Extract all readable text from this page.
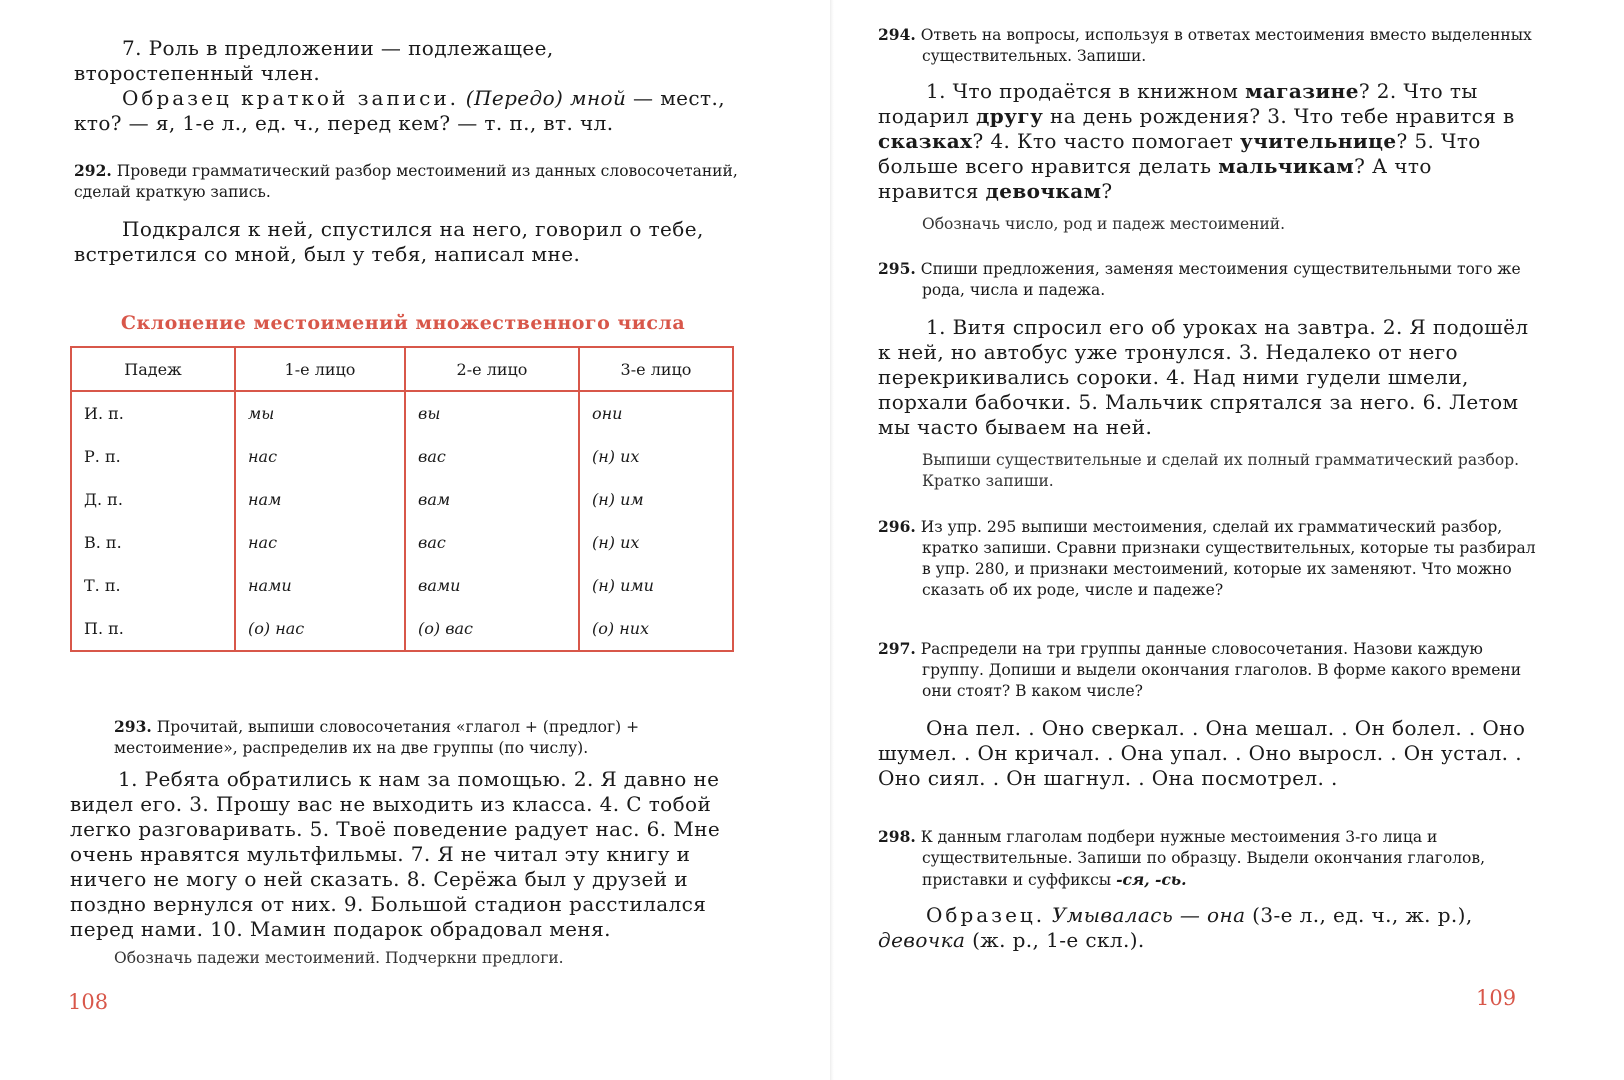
7. Роль в предложении — подлежащее, второстепенный член.
Образец краткой записи. (Передо) мной — мест., кто? — я, 1-е л., ед. ч., перед кем? — т. п., вт. чл.
292. Проведи грамматический разбор местоимений из данных словосочетаний, сделай краткую запись.
Подкрался к ней, спустился на него, говорил о тебе, встретился со мной, был у тебя, написал мне.
Склонение местоимений множественного числа
Падеж	1-е лицо	2-е лицо	3-е лицо
И. п.	мы	вы	они
Р. п.	нас	вас	(н) их
Д. п.	нам	вам	(н) им
В. п.	нас	вас	(н) их
Т. п.	нами	вами	(н) ими
П. п.	(о) нас	(о) вас	(о) них
293. Прочитай, выпиши словосочетания «глагол + (предлог) + местоимение», распределив их на две группы (по числу).
1. Ребята обратились к нам за помощью. 2. Я давно не видел его. 3. Прошу вас не выходить из класса. 4. С тобой легко разговаривать. 5. Твоё поведение радует нас. 6. Мне очень нравятся мультфильмы. 7. Я не читал эту книгу и ничего не могу о ней сказать. 8. Серёжа был у друзей и поздно вернулся от них. 9. Большой стадион расстилался перед нами. 10. Мамин подарок обрадовал меня.
Обозначь падежи местоимений. Подчеркни предлоги.
108
294. Ответь на вопросы, используя в ответах местоимения вместо выделенных существительных. Запиши.
1. Что продаётся в книжном магазине? 2. Что ты подарил другу на день рождения? 3. Что тебе нравится в сказках? 4. Кто часто помогает учительнице? 5. Что больше всего нравится делать мальчикам? А что нравится девочкам?
Обозначь число, род и падеж местоимений.
295. Спиши предложения, заменяя местоимения существительными того же рода, числа и падежа.
1. Витя спросил его об уроках на завтра. 2. Я подошёл к ней, но автобус уже тронулся. 3. Недалеко от него перекрикивались сороки. 4. Над ними гудели шмели, порхали бабочки. 5. Мальчик спрятался за него. 6. Летом мы часто бываем на ней.
Выпиши существительные и сделай их полный грамматический разбор. Кратко запиши.
296. Из упр. 295 выпиши местоимения, сделай их грамматический разбор, кратко запиши. Сравни признаки существительных, которые ты разбирал в упр. 280, и признаки местоимений, которые их заменяют. Что можно сказать об их роде, числе и падеже?
297. Распредели на три группы данные словосочетания. Назови каждую группу. Допиши и выдели окончания глаголов. В форме какого времени они стоят? В каком числе?
Она пел. . Оно сверкал. . Она мешал. . Он болел. . Оно шумел. . Он кричал. . Она упал. . Оно выросл. . Он устал. . Оно сиял. . Он шагнул. . Она посмотрел. .
298. К данным глаголам подбери нужные местоимения 3-го лица и существительные. Запиши по образцу. Выдели окончания глаголов, приставки и суффиксы -ся, -сь.
Образец. Умывалась — она (3-е л., ед. ч., ж. р.), девочка (ж. р., 1-е скл.).
109
